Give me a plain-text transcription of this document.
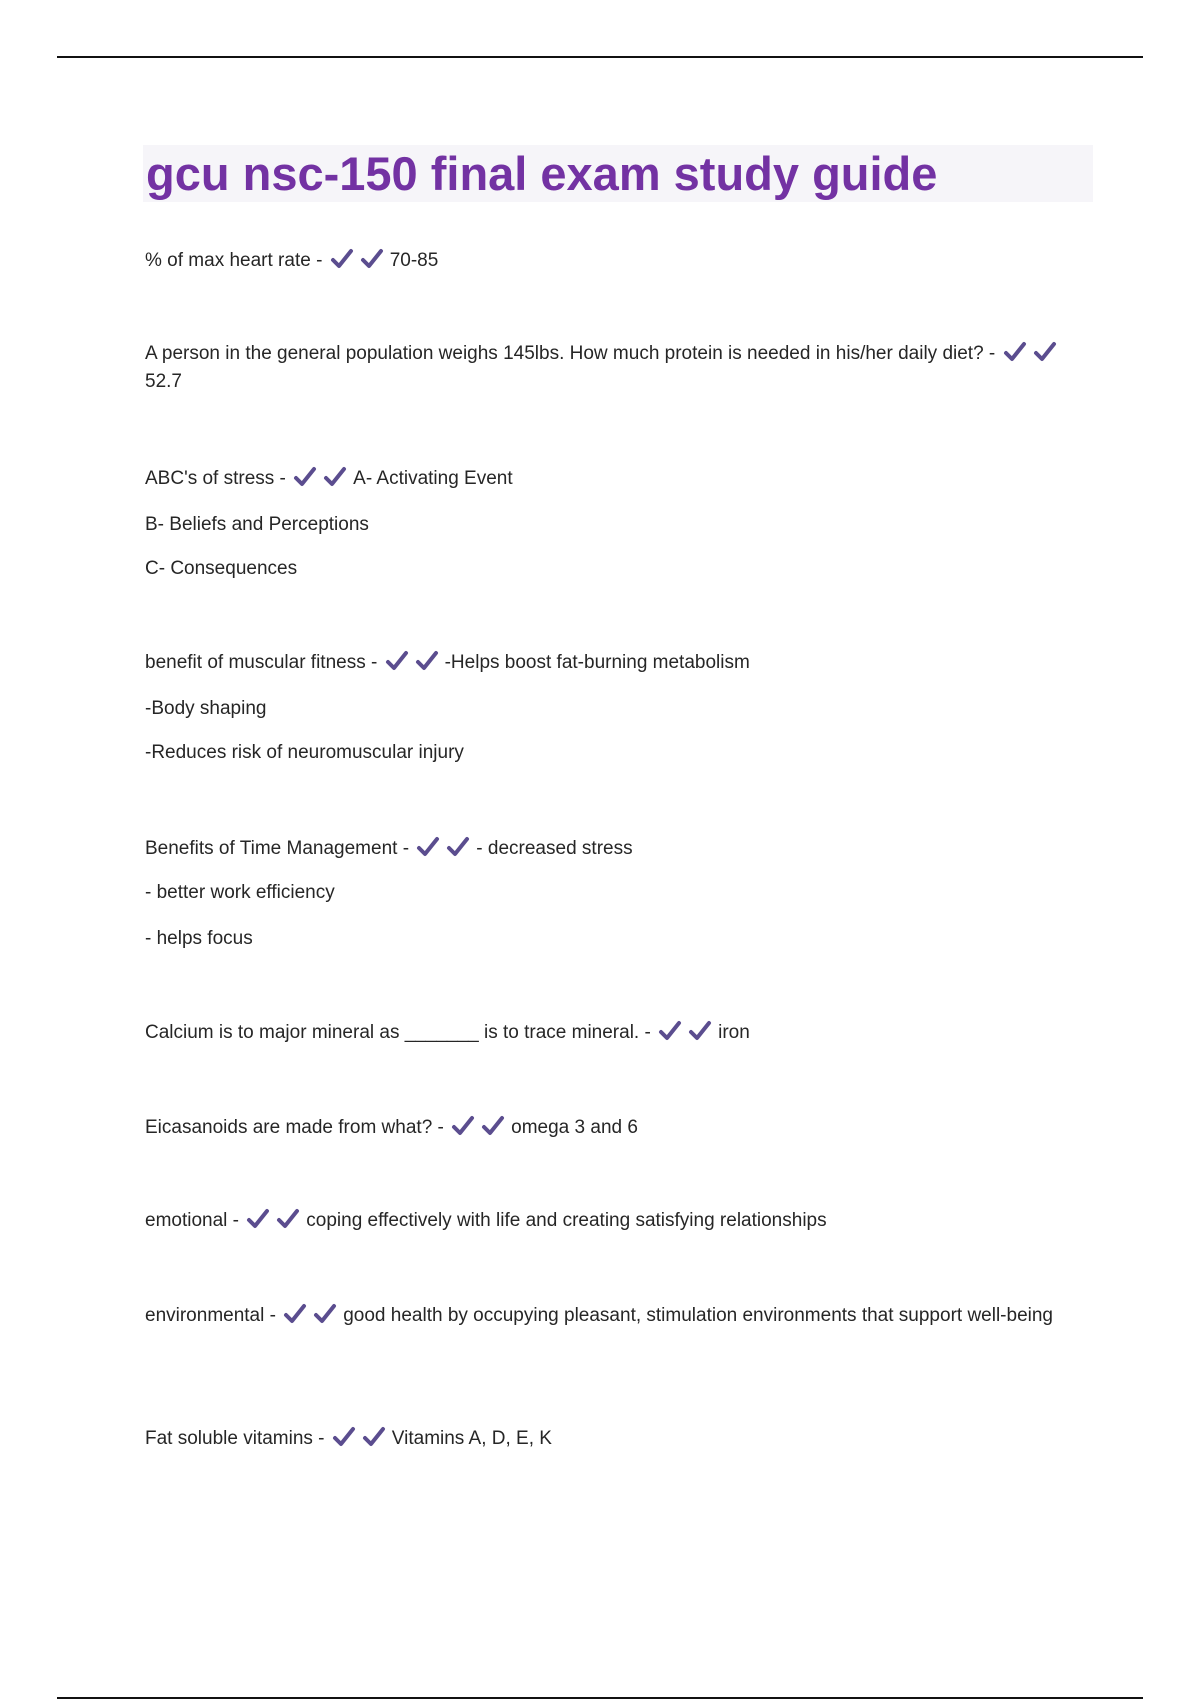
gcu nsc-150 final exam study guide
% of max heart rate -	70-85
A person in the general population weighs 145lbs. How much protein is needed in his/her daily diet? - 52.7
ABC's of stress -	A- Activating Event
B- Beliefs and Perceptions
C- Consequences
benefit of muscular fitness -	-Helps boost fat-burning metabolism
-Body shaping
-Reduces risk of neuromuscular injury
Benefits of Time Management -	- decreased stress
- better work efficiency
- helps focus
Calcium is to major mineral as _______ is to trace mineral. -	iron
Eicasanoids are made from what? -	omega 3 and 6
emotional -	coping effectively with life and creating satisfying relationships
environmental -	good health by occupying pleasant, stimulation environments that support well-being
Fat soluble vitamins -	Vitamins A, D, E, K
